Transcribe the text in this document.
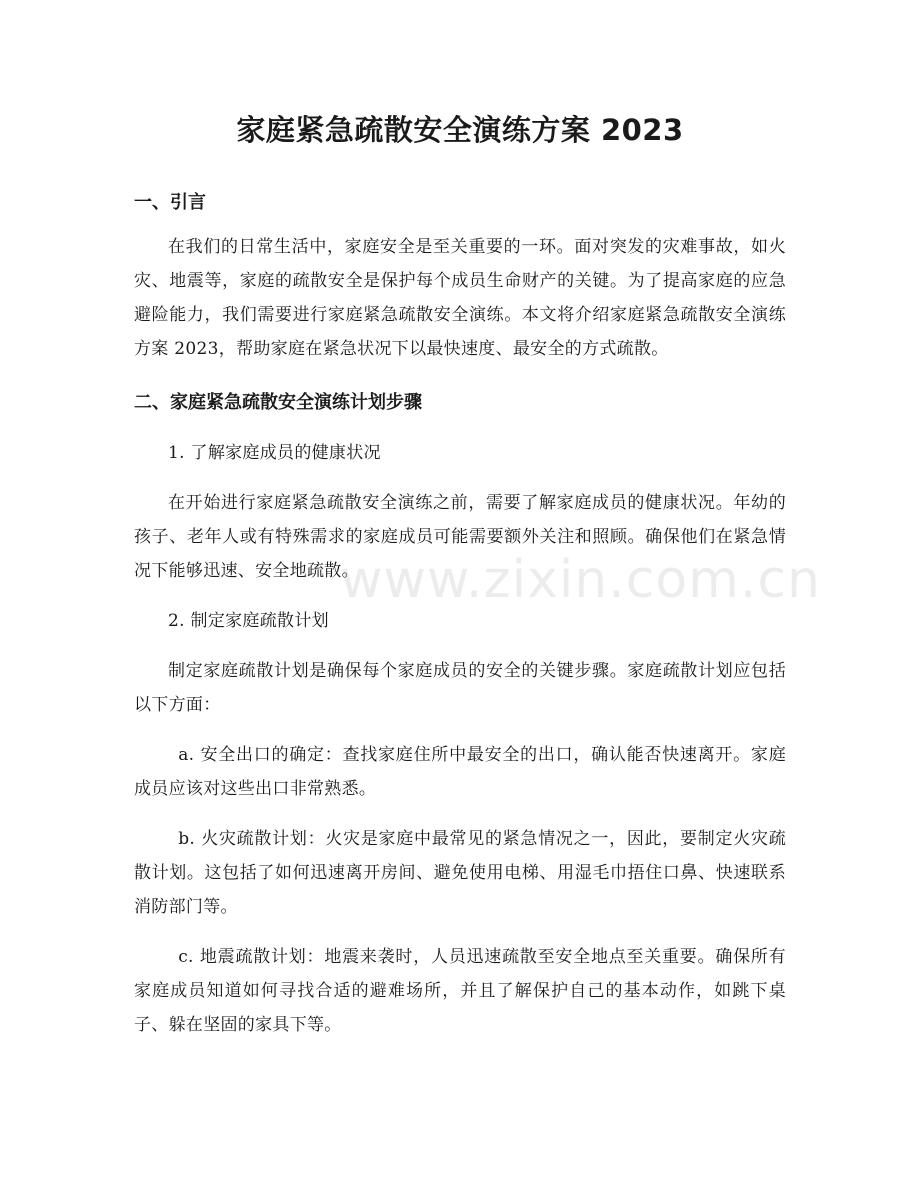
家庭紧急疏散安全演练方案 2023
一、引言

在我们的日常生活中，家庭安全是至关重要的一环。面对突发的灾难事故，如火灾、地震等，家庭的疏散安全是保护每个成员生命财产的关键。为了提高家庭的应急避险能力，我们需要进行家庭紧急疏散安全演练。本文将介绍家庭紧急疏散安全演练方案 2023，帮助家庭在紧急状况下以最快速度、最安全的方式疏散。

二、家庭紧急疏散安全演练计划步骤

1. 了解家庭成员的健康状况

在开始进行家庭紧急疏散安全演练之前，需要了解家庭成员的健康状况。年幼的孩子、老年人或有特殊需求的家庭成员可能需要额外关注和照顾。确保他们在紧急情况下能够迅速、安全地疏散。

2. 制定家庭疏散计划

制定家庭疏散计划是确保每个家庭成员的安全的关键步骤。家庭疏散计划应包括以下方面：

a. 安全出口的确定：查找家庭住所中最安全的出口，确认能否快速离开。家庭成员应该对这些出口非常熟悉。

b. 火灾疏散计划：火灾是家庭中最常见的紧急情况之一，因此，要制定火灾疏散计划。这包括了如何迅速离开房间、避免使用电梯、用湿毛巾捂住口鼻、快速联系消防部门等。

c. 地震疏散计划：地震来袭时，人员迅速疏散至安全地点至关重要。确保所有家庭成员知道如何寻找合适的避难场所，并且了解保护自己的基本动作，如跳下桌子、躲在坚固的家具下等。

www.zixin.com.cn
